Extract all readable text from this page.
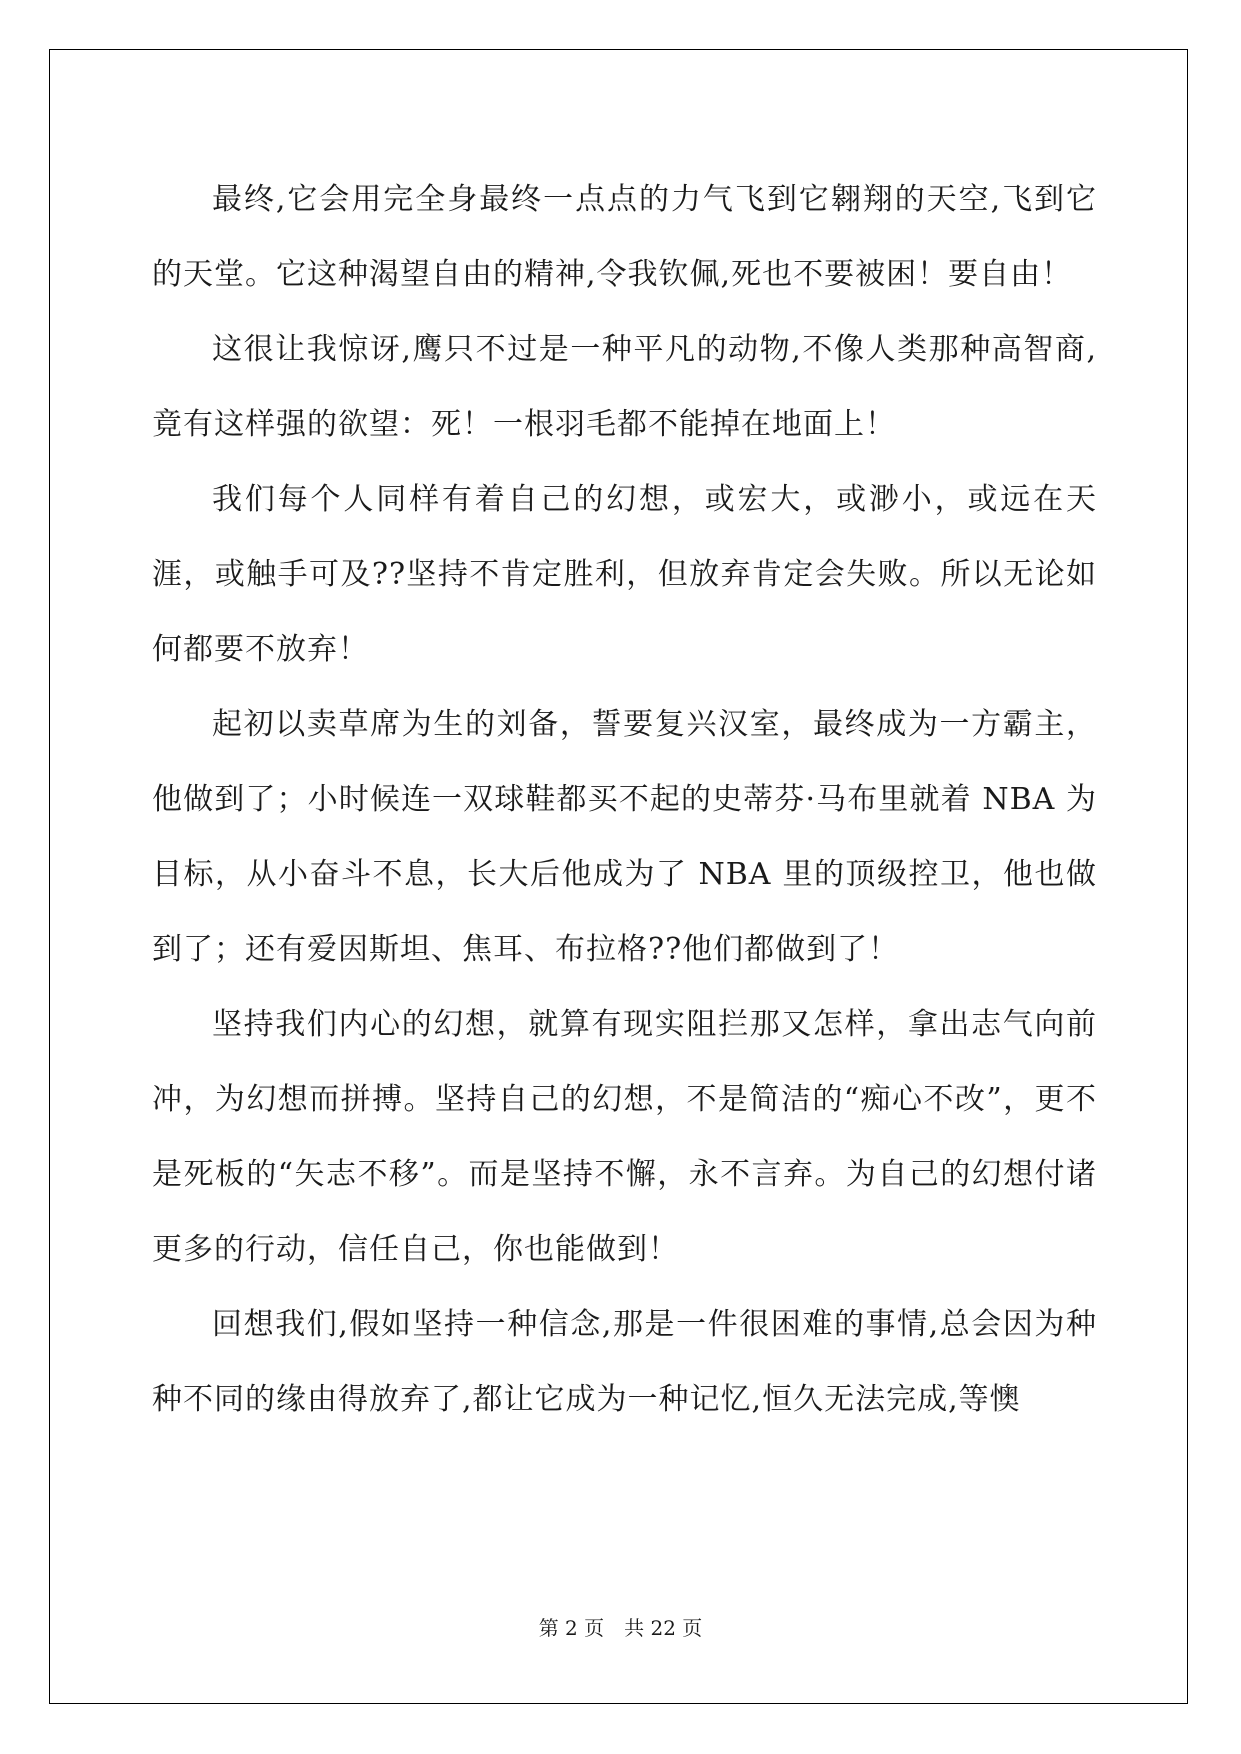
最终,它会用完全身最终一点点的力气飞到它翱翔的天空,飞到它的天堂。它这种渴望自由的精神,令我钦佩,死也不要被困！要自由！

这很让我惊讶,鹰只不过是一种平凡的动物,不像人类那种高智商,竟有这样强的欲望：死！一根羽毛都不能掉在地面上！

我们每个人同样有着自己的幻想，或宏大，或渺小，或远在天涯，或触手可及??坚持不肯定胜利，但放弃肯定会失败。所以无论如何都要不放弃！

起初以卖草席为生的刘备，誓要复兴汉室，最终成为一方霸主，他做到了；小时候连一双球鞋都买不起的史蒂芬·马布里就着 NBA 为目标，从小奋斗不息，长大后他成为了 NBA 里的顶级控卫，他也做到了；还有爱因斯坦、焦耳、布拉格??他们都做到了！

坚持我们内心的幻想，就算有现实阻拦那又怎样，拿出志气向前冲，为幻想而拼搏。坚持自己的幻想，不是简洁的“痴心不改”，更不是死板的“矢志不移”。而是坚持不懈，永不言弃。为自己的幻想付诸更多的行动，信任自己，你也能做到！

回想我们,假如坚持一种信念,那是一件很困难的事情,总会因为种种不同的缘由得放弃了,都让它成为一种记忆,恒久无法完成,等懊

第 2 页　共 22 页
